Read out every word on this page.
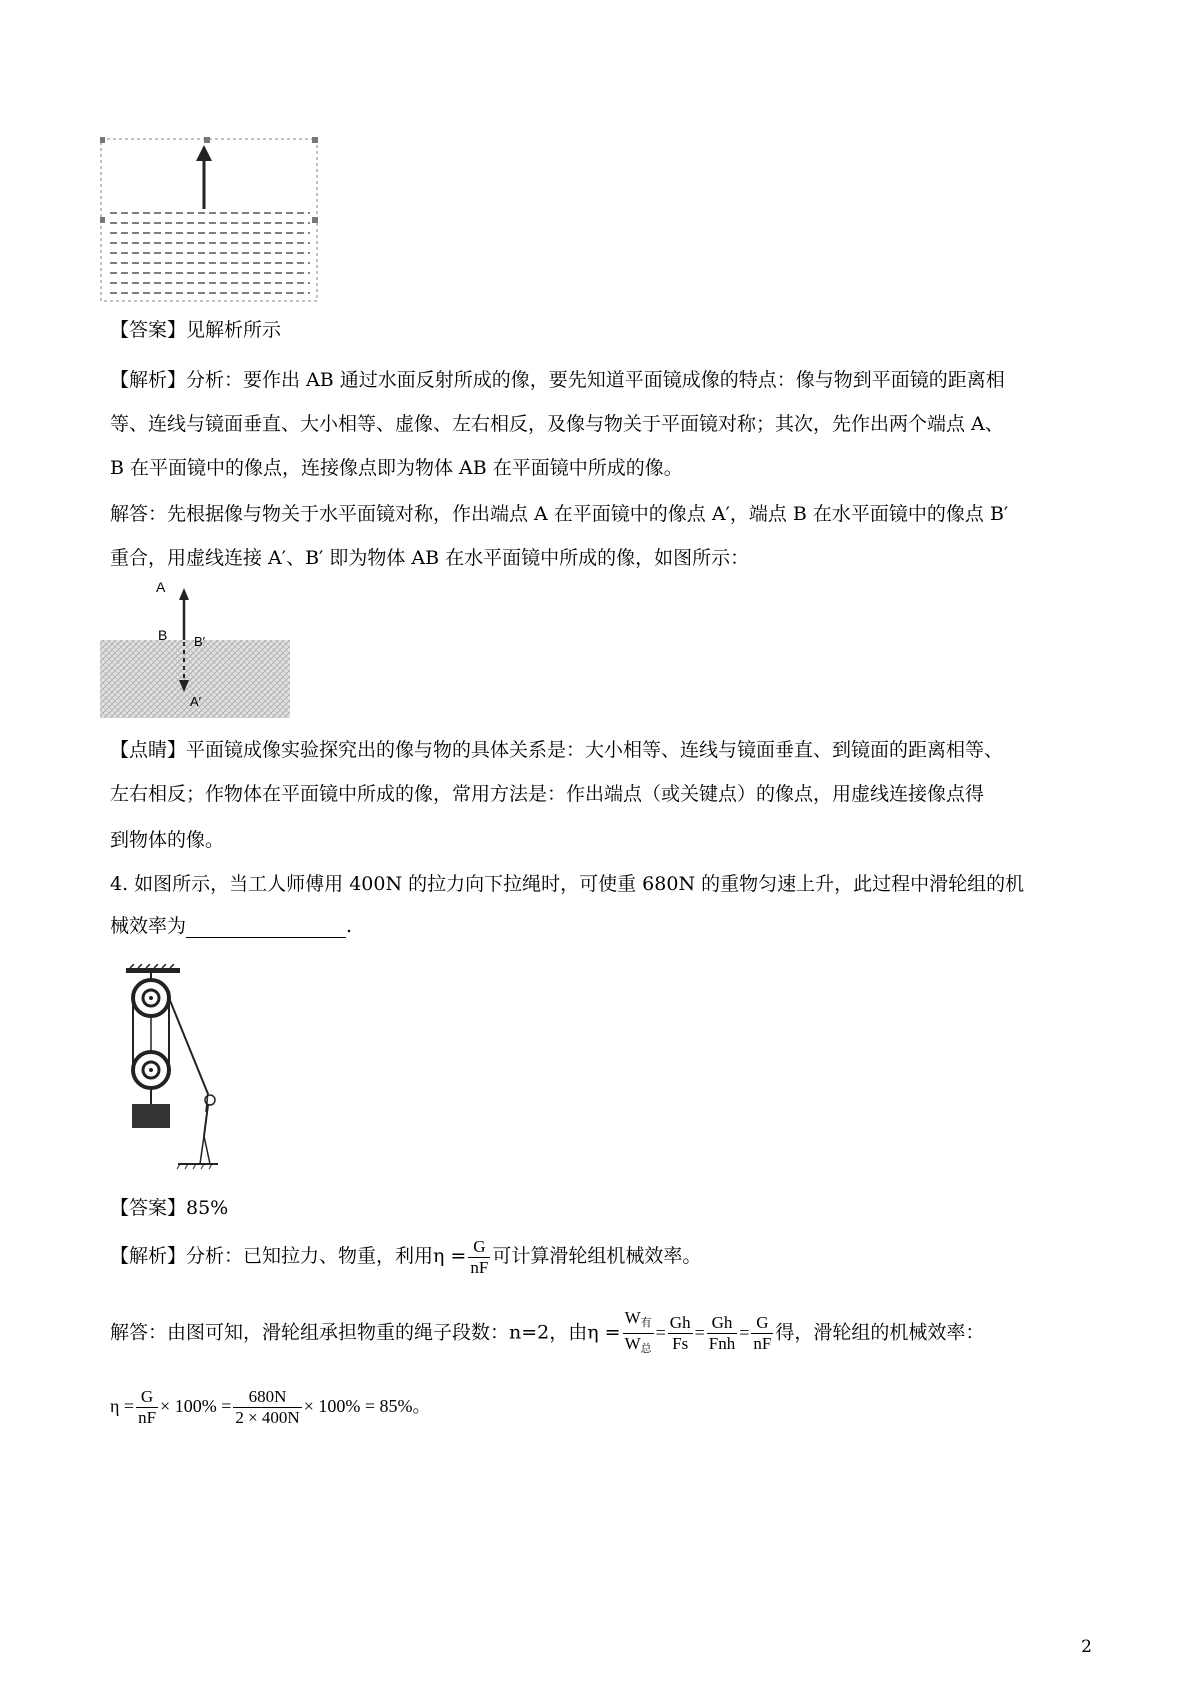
【答案】见解析所示
【解析】分析：要作出 AB 通过水面反射所成的像，要先知道平面镜成像的特点：像与物到平面镜的距离相
等、连线与镜面垂直、大小相等、虚像、左右相反，及像与物关于平面镜对称；其次，先作出两个端点 A、
B 在平面镜中的像点，连接像点即为物体 AB 在平面镜中所成的像。
解答：先根据像与物关于水平面镜对称，作出端点 A 在平面镜中的像点 A′，端点 B 在水平面镜中的像点 B′
重合，用虚线连接 A′、B′ 即为物体 AB 在水平面镜中所成的像，如图所示：
A
B B′
A′
【点睛】平面镜成像实验探究出的像与物的具体关系是：大小相等、连线与镜面垂直、到镜面的距离相等、
左右相反；作物体在平面镜中所成的像，常用方法是：作出端点（或关键点）的像点，用虚线连接像点得
到物体的像。
4. 如图所示，当工人师傅用 400N 的拉力向下拉绳时，可使重 680N 的重物匀速上升，此过程中滑轮组的机
械效率为	.
【答案】85%
【解析】分析：已知拉力、物重，利用$\eta = \frac{G}{nF}$ 可计算滑轮组机械效率。
解答：由图可知，滑轮组承担物重的绳子段数：n=2，由$\eta = \frac{W_有}{W_总} = \frac{Gh}{Fs} = \frac{Gh}{\text{Fnh}} = \frac{G}{nF}$ 得，滑轮组的机械效率：
$\eta = \frac{G}{nF} \times 100\% = \frac{680N}{2 \times 400N} \times 100\% = 85\%$。
2
